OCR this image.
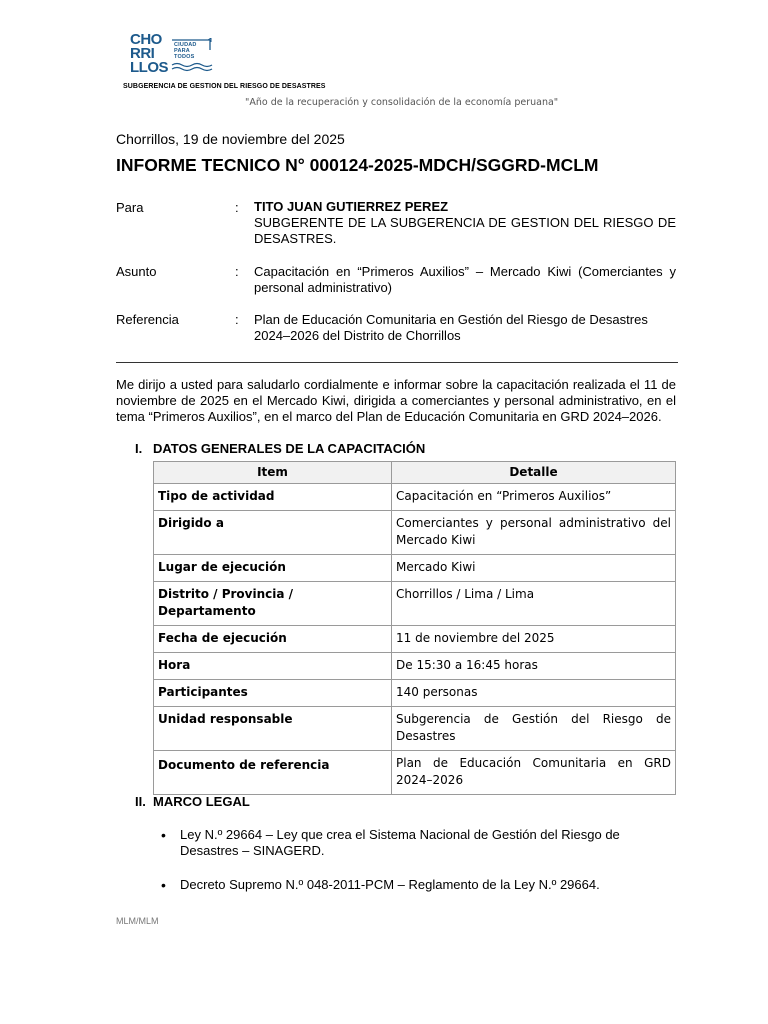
CHO
RRI
LLOS
CIUDAD
PARA
TODOS
SUBGERENCIA DE GESTION DEL RIESGO DE DESASTRES
"Año de la recuperación y consolidación de la economía peruana"
Chorrillos, 19 de noviembre del 2025
INFORME TECNICO N° 000124-2025-MDCH/SGGRD-MCLM
Para	: TITO JUAN GUTIERREZ PEREZ
SUBGERENTE DE LA SUBGERENCIA DE GESTION DEL RIESGO DE DESASTRES.
Asunto	: Capacitación en “Primeros Auxilios” – Mercado Kiwi (Comerciantes y personal administrativo)
Referencia	: Plan de Educación Comunitaria en Gestión del Riesgo de Desastres 2024–2026 del Distrito de Chorrillos
Me dirijo a usted para saludarlo cordialmente e informar sobre la capacitación realizada el 11 de noviembre de 2025 en el Mercado Kiwi, dirigida a comerciantes y personal administrativo, en el tema “Primeros Auxilios”, en el marco del Plan de Educación Comunitaria en GRD 2024–2026.
I. DATOS GENERALES DE LA CAPACITACIÓN
Item	Detalle
Tipo de actividad	Capacitación en “Primeros Auxilios”
Dirigido a	Comerciantes y personal administrativo del Mercado Kiwi
Lugar de ejecución	Mercado Kiwi
Distrito / Provincia / Departamento	Chorrillos / Lima / Lima
Fecha de ejecución	11 de noviembre del 2025
Hora	De 15:30 a 16:45 horas
Participantes	140 personas
Unidad responsable	Subgerencia de Gestión del Riesgo de Desastres
Documento de referencia	Plan de Educación Comunitaria en GRD 2024–2026
II. MARCO LEGAL
• Ley N.º 29664 – Ley que crea el Sistema Nacional de Gestión del Riesgo de Desastres – SINAGERD.
• Decreto Supremo N.º 048-2011-PCM – Reglamento de la Ley N.º 29664.
MLM/MLM
